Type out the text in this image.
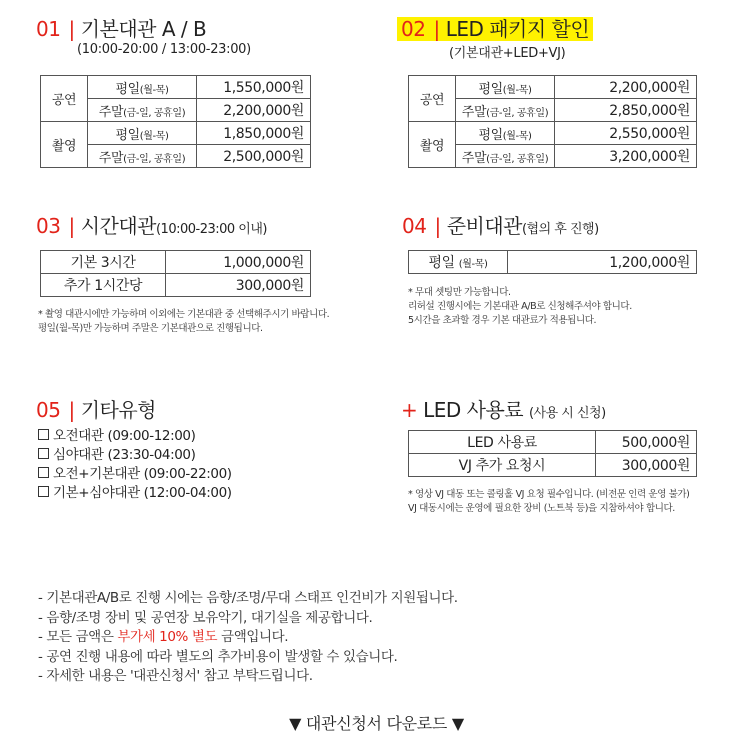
01 | 기본대관 A / B
(10:00-20:00 / 13:00-23:00)
공연	평일(월-목)	1,550,000원
	주말(금-일, 공휴일)	2,200,000원
촬영	평일(월-목)	1,850,000원
	주말(금-일, 공휴일)	2,500,000원
02 | LED 패키지 할인
(기본대관+LED+VJ)
공연	평일(월-목)	2,200,000원
	주말(금-일, 공휴일)	2,850,000원
촬영	평일(월-목)	2,550,000원
	주말(금-일, 공휴일)	3,200,000원
03 | 시간대관(10:00-23:00 이내)
기본 3시간	1,000,000원
추가 1시간당	300,000원
* 촬영 대관시에만 가능하며 이외에는 기본대관 중 선택해주시기 바랍니다.
평일(월-목)만 가능하며 주말은 기본대관으로 진행됩니다.
04 | 준비대관(협의 후 진행)
평일 (월-목)	1,200,000원
* 무대 셋팅만 가능합니다.
리허설 진행시에는 기본대관 A/B로 신청해주셔야 합니다.
5시간을 초과할 경우 기본 대관료가 적용됩니다.
05 | 기타유형
오전대관 (09:00-12:00)
심야대관 (23:30-04:00)
오전+기본대관 (09:00-22:00)
기본+심야대관 (12:00-04:00)
+ LED 사용료 (사용 시 신청)
LED 사용료	500,000원
VJ 추가 요청시	300,000원
* 영상 VJ 대동 또는 콜링홀 VJ 요청 필수입니다. (비전문 인력 운영 불가)
VJ 대동시에는 운영에 필요한 장비 (노트북 등)을 지참하셔야 합니다.
- 기본대관A/B로 진행 시에는 음향/조명/무대 스태프 인건비가 지원됩니다.
- 음향/조명 장비 및 공연장 보유악기, 대기실을 제공합니다.
- 모든 금액은 부가세 10% 별도 금액입니다.
- 공연 진행 내용에 따라 별도의 추가비용이 발생할 수 있습니다.
- 자세한 내용은 '대관신청서' 참고 부탁드립니다.
▼ 대관신청서 다운로드 ▼
